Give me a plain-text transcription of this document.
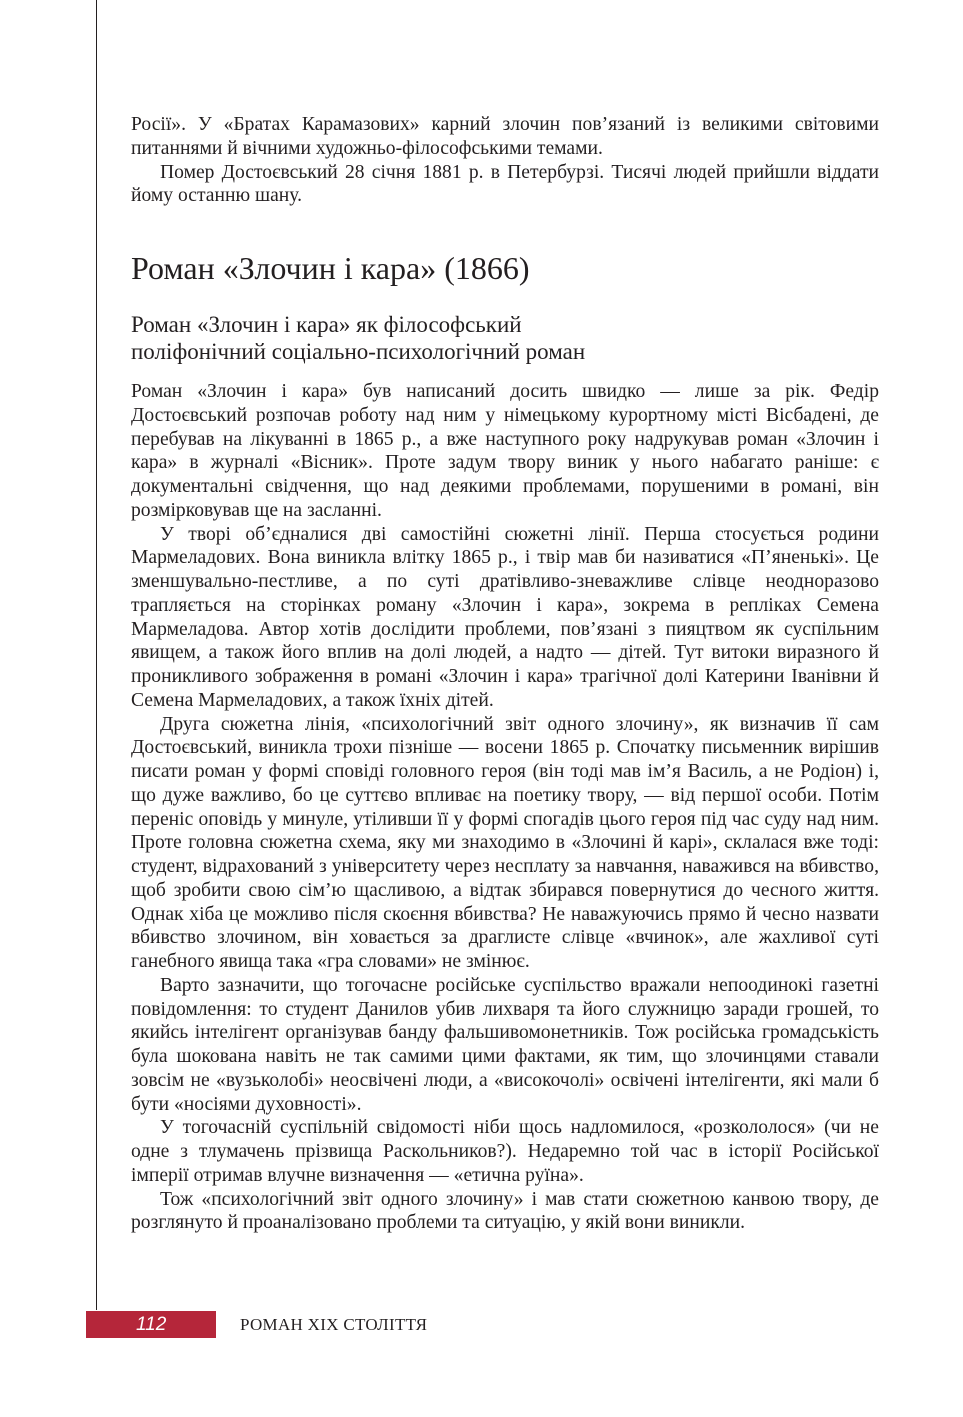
Росії». У «Братах Карамазових» карний злочин пов’язаний із великими світовими питаннями й вічними художньо-філософськими темами.

Помер Достоєвський 28 січня 1881 р. в Петербурзі. Тисячі людей прийшли віддати йому останню шану.

Роман «Злочин і кара» (1866)
Роман «Злочин і кара» як філософський
поліфонічний соціально-психологічний роман

Роман «Злочин і кара» був написаний досить швидко — лише за рік. Федір Достоєвський розпочав роботу над ним у німецькому курортному місті Вісбадені, де перебував на лікуванні в 1865 р., а вже наступного року надрукував роман «Злочин і кара» в журналі «Вісник». Проте задум твору виник у нього набагато раніше: є документальні свідчення, що над деякими проблемами, порушеними в романі, він розмірковував ще на засланні.

У творі об’єдналися дві самостійні сюжетні лінії. Перша стосується родини Мармеладових. Вона виникла влітку 1865 р., і твір мав би називатися «П’яненькі». Це зменшувально-пестливе, а по суті дратівливо-зневажливе слівце неодноразово трапляється на сторінках роману «Злочин і кара», зокрема в репліках Семена Мармеладова. Автор хотів дослідити проблеми, пов’язані з пияцтвом як суспільним явищем, а також його вплив на долі людей, а надто — дітей. Тут витоки виразного й проникливого зображення в романі «Злочин і кара» трагічної долі Катерини Іванівни й Семена Мармеладових, а також їхніх дітей.

Друга сюжетна лінія, «психологічний звіт одного злочину», як визначив її сам Достоєвський, виникла трохи пізніше — восени 1865 р. Спочатку письменник вирішив писати роман у формі сповіді головного героя (він тоді мав ім’я Василь, а не Родіон) і, що дуже важливо, бо це суттєво впливає на поетику твору, — від першої особи. Потім переніс оповідь у минуле, утіливши її у формі спогадів цього героя під час суду над ним. Проте головна сюжетна схема, яку ми знаходимо в «Злочині й карі», склалася вже тоді: студент, відрахований з університету через несплату за навчання, наважився на вбивство, щоб зробити свою сім’ю щасливою, а відтак збирався повернутися до чесного життя. Однак хіба це можливо після скоєння вбивства? Не наважуючись прямо й чесно назвати вбивство злочином, він ховається за драглисте слівце «вчинок», але жахливої суті ганебного явища така «гра словами» не змінює.

Варто зазначити, що тогочасне російське суспільство вражали непоодинокі газетні повідомлення: то студент Данилов убив лихваря та його служницю заради грошей, то якийсь інтелігент організував банду фальшивомонетників. Тож російська громадськість була шокована навіть не так самими цими фактами, як тим, що злочинцями ставали зовсім не «вузьколобі» неосвічені люди, а «високочолі» освічені інтелігенти, які мали б бути «носіями духовності».

У тогочасній суспільній свідомості ніби щось надломилося, «розкололося» (чи не одне з тлумачень прізвища Раскольников?). Недаремно той час в історії Російської імперії отримав влучне визначення — «етична руїна».

Тож «психологічний звіт одного злочину» і мав стати сюжетною канвою твору, де розглянуто й проаналізовано проблеми та ситуацію, у якій вони виникли.

112	РОМАН XIX СТОЛІТТЯ
